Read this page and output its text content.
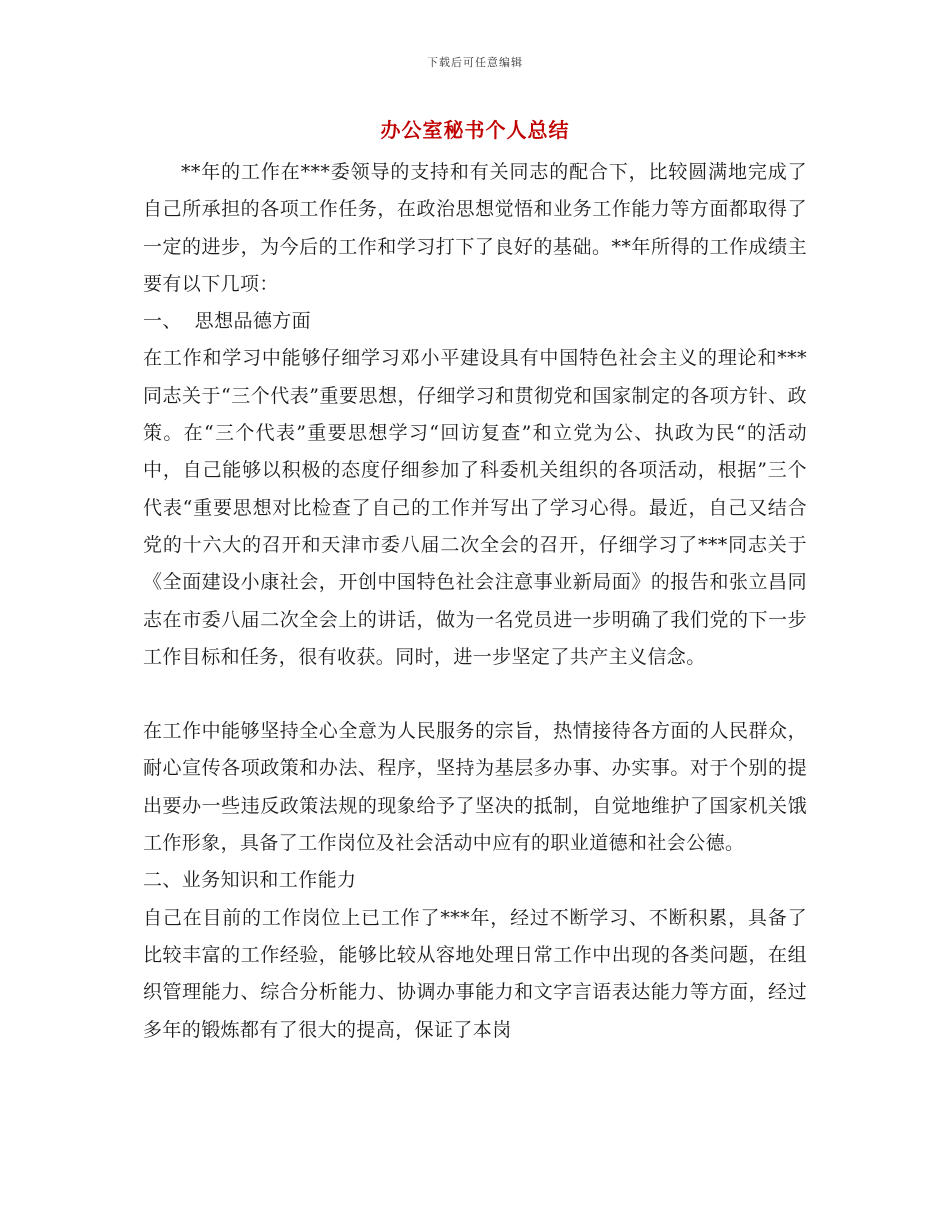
下载后可任意编辑
办公室秘书个人总结

**年的工作在***委领导的支持和有关同志的配合下，比较圆满地完成了自己所承担的各项工作任务，在政治思想觉悟和业务工作能力等方面都取得了一定的进步，为今后的工作和学习打下了良好的基础。**年所得的工作成绩主要有以下几项：

一、  思想品德方面

在工作和学习中能够仔细学习邓小平建设具有中国特色社会主义的理论和***同志关于“三个代表”重要思想，仔细学习和贯彻党和国家制定的各项方针、政策。在“三个代表”重要思想学习“回访复查”和立党为公、执政为民“的活动中，自己能够以积极的态度仔细参加了科委机关组织的各项活动，根据”三个代表“重要思想对比检查了自己的工作并写出了学习心得。最近，自己又结合党的十六大的召开和天津市委八届二次全会的召开，仔细学习了***同志关于《全面建设小康社会，开创中国特色社会注意事业新局面》的报告和张立昌同志在市委八届二次全会上的讲话，做为一名党员进一步明确了我们党的下一步工作目标和任务，很有收获。同时，进一步坚定了共产主义信念。

在工作中能够坚持全心全意为人民服务的宗旨，热情接待各方面的人民群众，耐心宣传各项政策和办法、程序，坚持为基层多办事、办实事。对于个别的提出要办一些违反政策法规的现象给予了坚决的抵制，自觉地维护了国家机关饿工作形象，具备了工作岗位及社会活动中应有的职业道德和社会公德。

二、业务知识和工作能力

自己在目前的工作岗位上已工作了***年，经过不断学习、不断积累，具备了比较丰富的工作经验，能够比较从容地处理日常工作中出现的各类问题，在组织管理能力、综合分析能力、协调办事能力和文字言语表达能力等方面，经过多年的锻炼都有了很大的提高，保证了本岗
